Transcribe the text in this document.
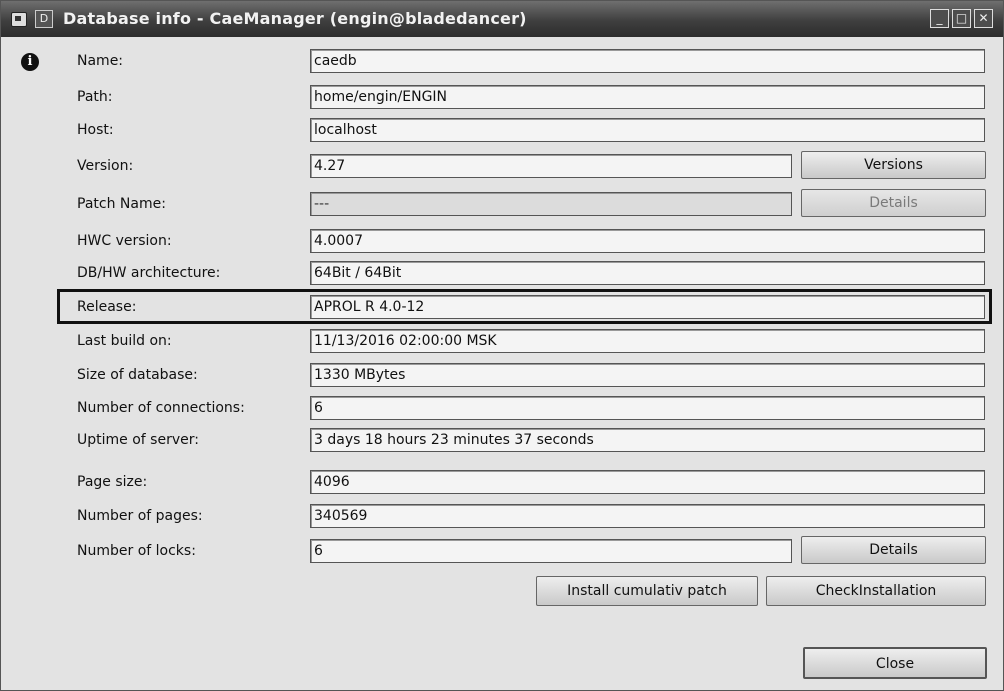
D Database info - CaeManager (engin@bladedancer)	_	□ ✕
i	Name:	caedb
Path:	home/engin/ENGIN
Host:	localhost
Version:	4.27	Versions
Patch Name:	---	Details
HWC version:	4.0007
DB/HW architecture:	64Bit / 64Bit
Release:	APROL R 4.0-12
Last build on:	11/13/2016 02:00:00 MSK
Size of database:	1330 MBytes
Number of connections:	6
Uptime of server:	3 days 18 hours 23 minutes 37 seconds
Page size:	4096
Number of pages:	340569
Number of locks:	6	Details
Install cumulativ patch	CheckInstallation
Close
